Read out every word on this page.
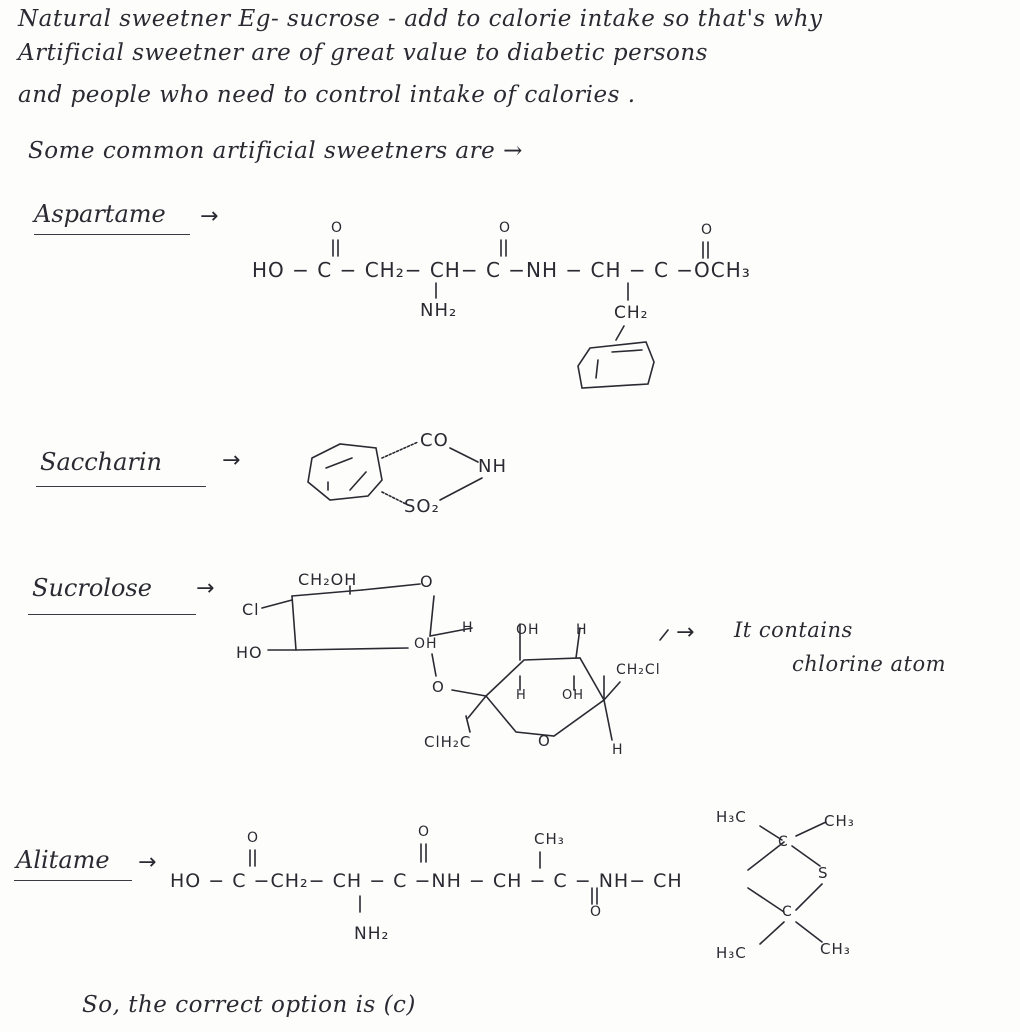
Natural sweetner Eg- sucrose - add to calorie intake so that's why
Artificial sweetner are of great value to diabetic persons
and people who need to control intake of calories .
Some common artificial sweetners are →
Aspartame →
HO − C − CH₂− CH− C −NH − CH − C −OCH₃
O	O	O
NH₂	CH₂
Saccharin	→
CO
NH
SO₂
Sucrolose →	CH₂OH
Cl
HO
O
OH
H	OH	H
O	H	OH
CH₂Cl
ClH₂C	O	H
→ It contains
chlorine atom
Alitame →
HO − C −CH₂− CH − C −NH − CH − C − NH− CH
O	O
O
CH₃
NH₂
H₃C	CH₃
C
S
C
H₃C	CH₃
So, the correct option is (c)
